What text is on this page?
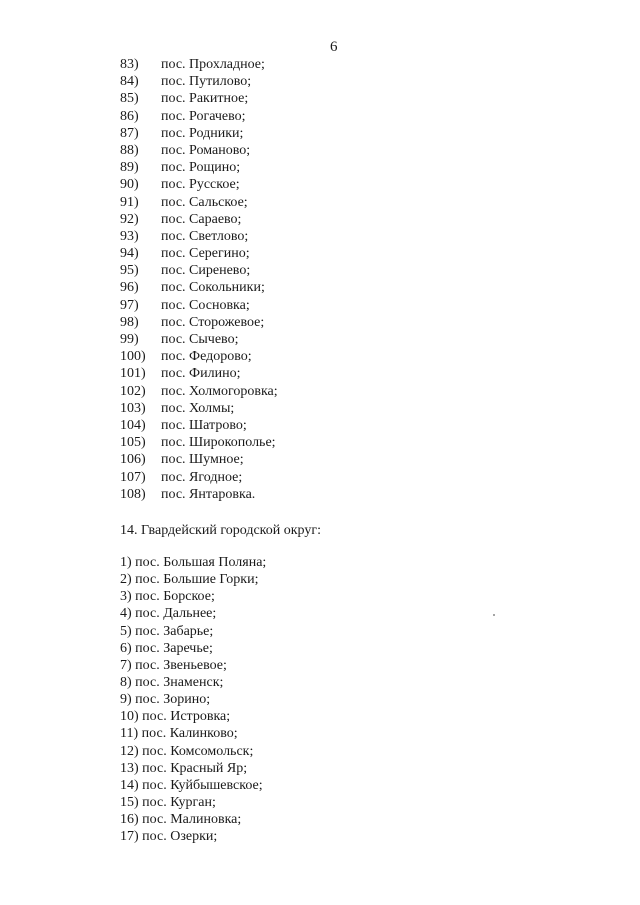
6
83) пос. Прохладное;
84) пос. Путилово;
85) пос. Ракитное;
86) пос. Рогачево;
87) пос. Родники;
88) пос. Романово;
89) пос. Рощино;
90) пос. Русское;
91) пос. Сальское;
92) пос. Сараево;
93) пос. Светлово;
94) пос. Серегино;
95) пос. Сиренево;
96) пос. Сокольники;
97) пос. Сосновка;
98) пос. Сторожевое;
99) пос. Сычево;
100) пос. Федорово;
101) пос. Филино;
102) пос. Холмогоровка;
103) пос. Холмы;
104) пос. Шатрово;
105) пос. Широкополье;
106) пос. Шумное;
107) пос. Ягодное;
108) пос. Янтаровка.
14. Гвардейский городской округ:
1) пос. Большая Поляна;
2) пос. Большие Горки;
3) пос. Борское;
4) пос. Дальнее;
5) пос. Забарье;
6) пос. Заречье;
7) пос. Звеньевое;
8) пос. Знаменск;
9) пос. Зорино;
10) пос. Истровка;
11) пос. Калинково;
12) пос. Комсомольск;
13) пос. Красный Яр;
14) пос. Куйбышевское;
15) пос. Курган;
16) пос. Малиновка;
17) пос. Озерки;
